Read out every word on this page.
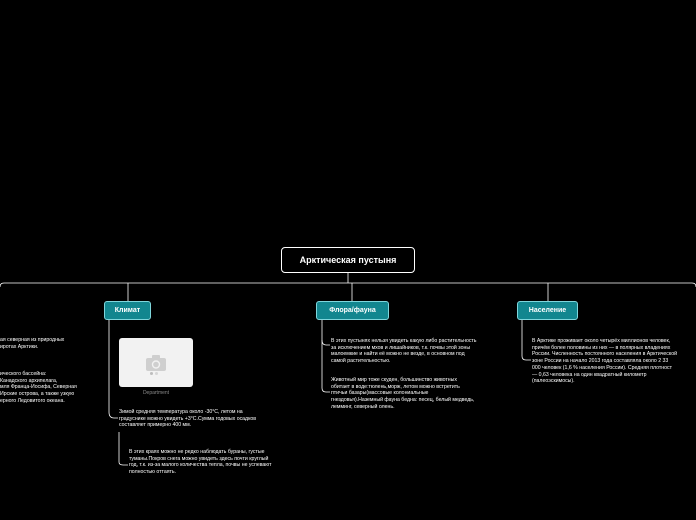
Арктическая пустыня
Климат	Флора/фауна	Население
ая северная из природных
иротах Арктики.
ического бассейна:
Канадского архипелага,
мля Франца-Иосифа, Северная
Ирские острова, а также узкую
ерного Ледовитого океана.
Department
Зимой средняя температура около -30°С, летом на
градуснике можно увидеть +3°С.Сумма годовых осадков
составляет примерно 400 мм.
В этих краях можно не редко наблюдать бураны, густые
туманы.Покров снега можно увидеть здесь почти круглый
год, т.к. из-за малого количества тепла, почвы не успевают
полностью оттаять.
В этих пустынях нельзя увидеть какую либо растительность
за исключением мхов и лишайников, т.к. почвы этой зоны
малоемкие и найти её можно не везде, в основном под
самой растительностью.
Животный мир тоже скуден, большинство животных
обитает в воде:тюлень,морж, летом можно встретить
птичьи базары(массовые колониальные
гнездовья).Наземный фауна бедна: песец, белый медведь,
лемминг, северный олень.
В Арктике проживает около четырёх миллионов человек,
причём более половины из них — в полярных владениях
России. Численность постоянного населения в Арктической
зоне России на начало 2013 года составляла около 2 33
000 человек (1,6 % населения России). Средняя плотност
— 0,63 человека на один квадратный километр
(палеоэскимосы).
